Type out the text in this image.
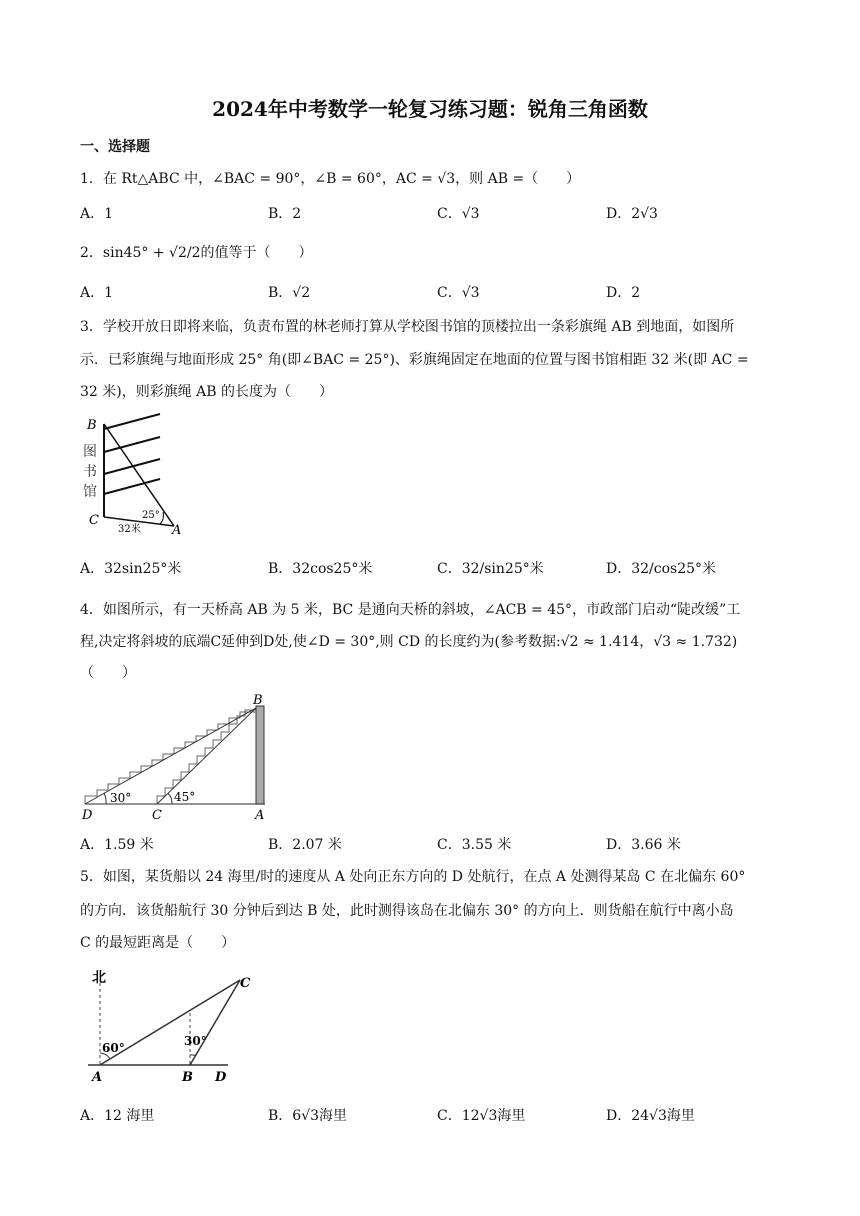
2024年中考数学一轮复习练习题：锐角三角函数
一、选择题
1．在 Rt△ABC 中，∠BAC = 90°，∠B = 60°，AC = √3，则 AB =（　　）
A．1	B．2	C．√3	D．2√3
2．sin45° + √2/2的值等于（　　）
A．1	B．√2	C．√3	D．2
3．学校开放日即将来临，负责布置的林老师打算从学校图书馆的顶楼拉出一条彩旗绳 AB 到地面，如图所
示．已彩旗绳与地面形成 25° 角(即∠BAC = 25°)、彩旗绳固定在地面的位置与图书馆相距 32 米(即 AC =
32 米)，则彩旗绳 AB 的长度为（　　）
B
图
书
馆
C
A
25°
32米
A．32sin25°米	B．32cos25°米	C．32/sin25°米	D．32/cos25°米
4．如图所示，有一天桥高 AB 为 5 米，BC 是通向天桥的斜坡，∠ACB = 45°，市政部门启动“陡改缓”工
程,决定将斜坡的底端C延伸到D处,使∠D = 30°,则 CD 的长度约为(参考数据:√2 ≈ 1.414，√3 ≈ 1.732)
（　　）
B
D	C	A
30°	45°
A．1.59 米	B．2.07 米	C．3.55 米	D．3.66 米
5．如图，某货船以 24 海里/时的速度从 A 处向正东方向的 D 处航行，在点 A 处测得某岛 C 在北偏东 60°
的方向．该货船航行 30 分钟后到达 B 处，此时测得该岛在北偏东 30° 的方向上．则货船在航行中离小岛
C 的最短距离是（　　）
北	C
A	B D
60°	30°
A．12 海里	B．6√3海里	C．12√3海里	D．24√3海里
